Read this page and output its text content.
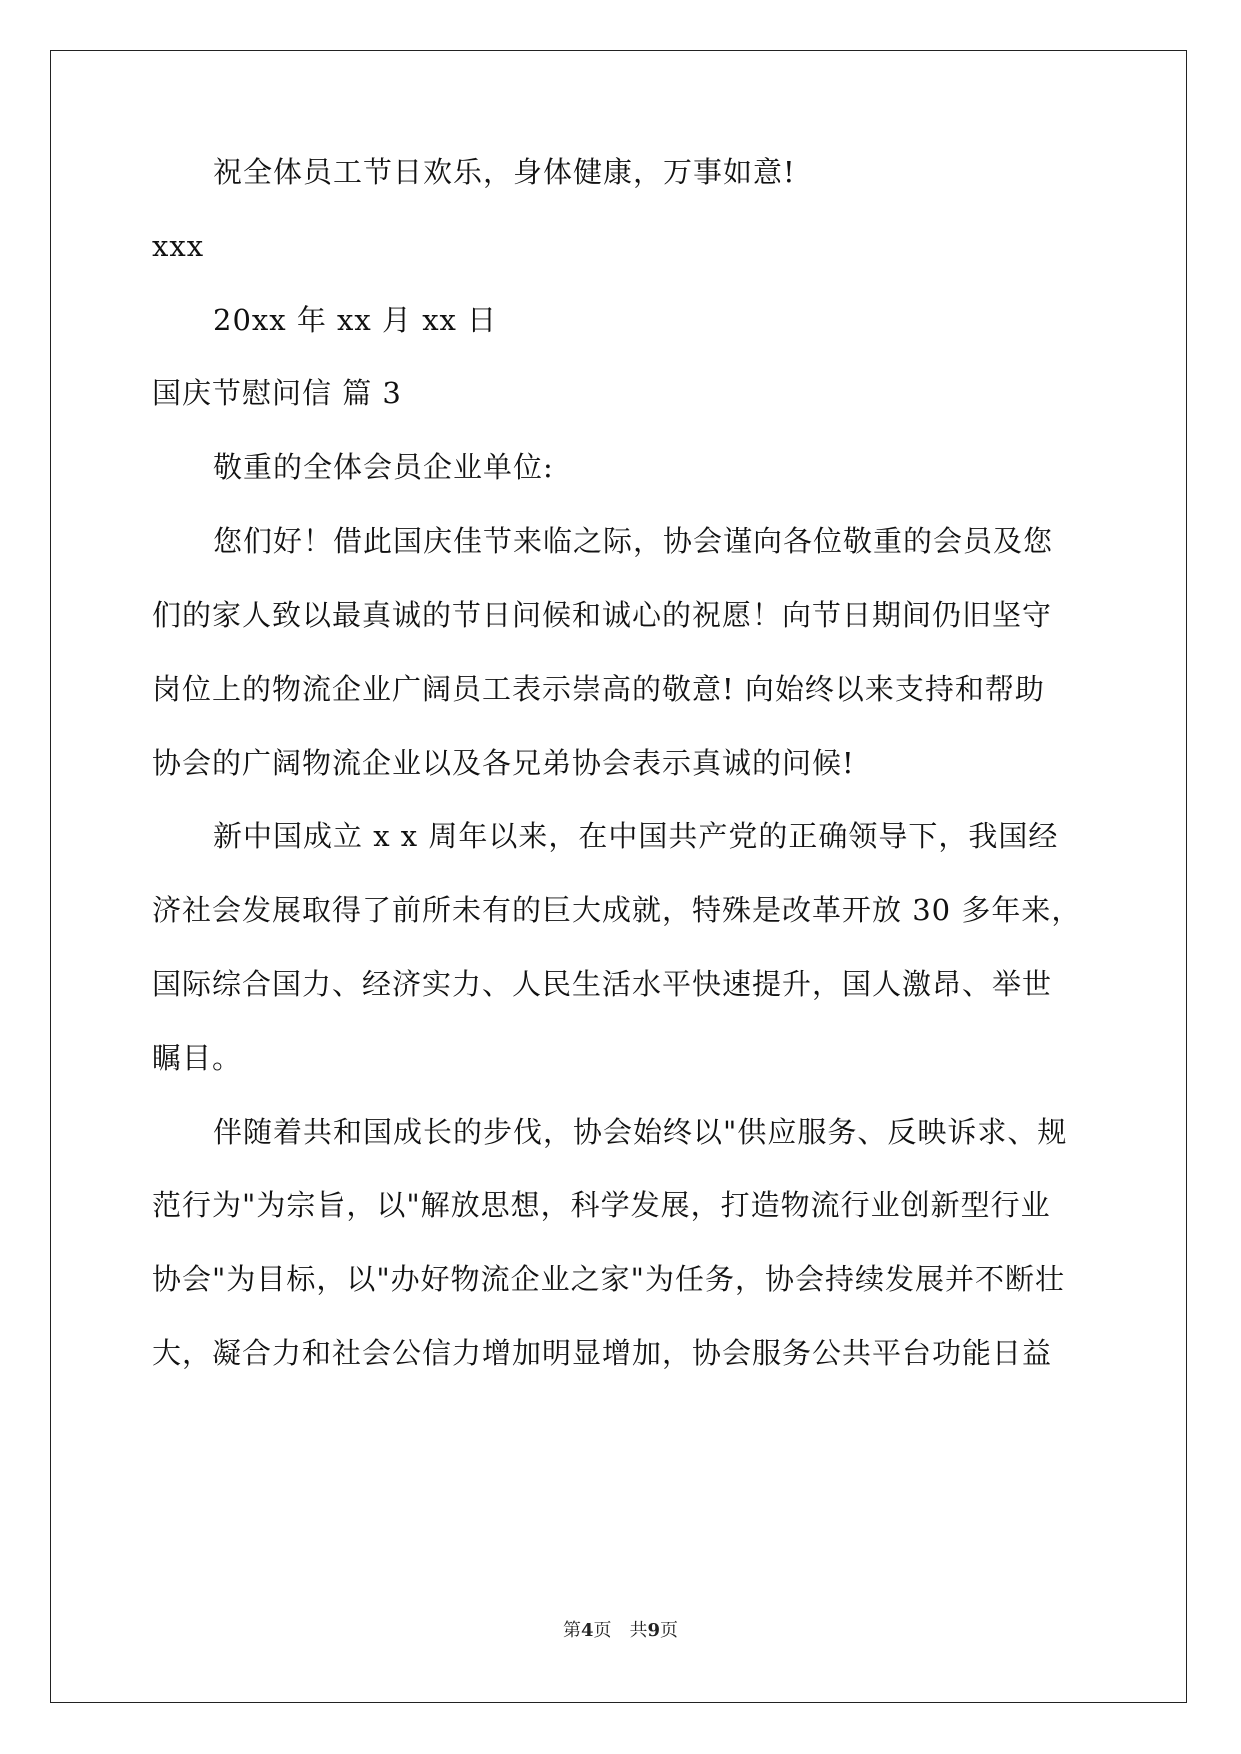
祝全体员工节日欢乐，身体健康，万事如意!
xxx
20xx 年 xx 月 xx 日
国庆节慰问信 篇 3
敬重的全体会员企业单位:
您们好！借此国庆佳节来临之际，协会谨向各位敬重的会员及您
们的家人致以最真诚的节日问候和诚心的祝愿！向节日期间仍旧坚守
岗位上的物流企业广阔员工表示崇高的敬意! 向始终以来支持和帮助
协会的广阔物流企业以及各兄弟协会表示真诚的问候!
新中国成立 x x 周年以来，在中国共产党的正确领导下，我国经
济社会发展取得了前所未有的巨大成就，特殊是改革开放 30 多年来，
国际综合国力、经济实力、人民生活水平快速提升，国人激昂、举世
瞩目。
伴随着共和国成长的步伐，协会始终以"供应服务、反映诉求、规
范行为"为宗旨，以"解放思想，科学发展，打造物流行业创新型行业
协会"为目标，以"办好物流企业之家"为任务，协会持续发展并不断壮
大，凝合力和社会公信力增加明显增加，协会服务公共平台功能日益
第4页　共9页
